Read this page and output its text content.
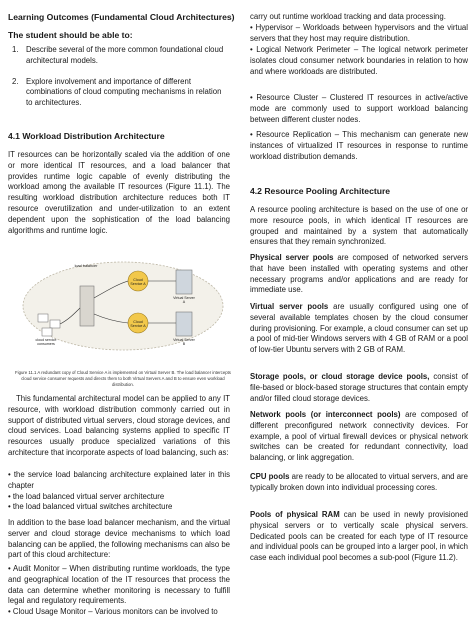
Learning Outcomes (Fundamental Cloud Architectures)

The student should be able to:

1. Describe several of the more common foundational cloud architectural models.
2. Explore involvement and importance of different combinations of cloud computing mechanisms in relation to architectures.

4.1 Workload Distribution Architecture

IT resources can be horizontally scaled via the addition of one or more identical IT resources, and a load balancer that provides runtime logic capable of evenly distributing the workload among the available IT resources (Figure 11.1). The resulting workload distribution architecture reduces both IT resource overutilization and under-utilization to an extent dependent upon the sophistication of the load balancing algorithms and runtime logic.

load balancer
Cloud Service A
Cloud Service A
Virtual Server A
Virtual Server B
cloud service consumers

Figure 11.1 A redundant copy of Cloud Service A is implemented on Virtual Server B. The load balancer intercepts cloud service consumer requests and directs them to both Virtual Servers A and B to ensure even workload distribution.

This fundamental architectural model can be applied to any IT resource, with workload distribution commonly carried out in support of distributed virtual servers, cloud storage devices, and cloud services. Load balancing systems applied to specific IT resources usually produce specialized variations of this architecture that incorporate aspects of load balancing, such as:

• the service load balancing architecture explained later in this chapter

• the load balanced virtual server architecture

• the load balanced virtual switches architecture

In addition to the base load balancer mechanism, and the virtual server and cloud storage device mechanisms to which load balancing can be applied, the following mechanisms can also be part of this cloud architecture:

• Audit Monitor – When distributing runtime workloads, the type and geographical location of the IT resources that process the data can determine whether monitoring is necessary to fulfill legal and regulatory requirements.

• Cloud Usage Monitor – Various monitors can be involved to

carry out runtime workload tracking and data processing.

• Hypervisor – Workloads between hypervisors and the virtual servers that they host may require distribution.

• Logical Network Perimeter – The logical network perimeter isolates cloud consumer network boundaries in relation to how and where workloads are distributed.

• Resource Cluster – Clustered IT resources in active/active mode are commonly used to support workload balancing between different cluster nodes.

• Resource Replication – This mechanism can generate new instances of virtualized IT resources in response to runtime workload distribution demands.

4.2 Resource Pooling Architecture

A resource pooling architecture is based on the use of one or more resource pools, in which identical IT resources are grouped and maintained by a system that automatically ensures that they remain synchronized.

Physical server pools are composed of networked servers that have been installed with operating systems and other necessary programs and/or applications and are ready for immediate use.

Virtual server pools are usually configured using one of several available templates chosen by the cloud consumer during provisioning. For example, a cloud consumer can set up a pool of mid-tier Windows servers with 4 GB of RAM or a pool of low-tier Ubuntu servers with 2 GB of RAM.

Storage pools, or cloud storage device pools, consist of file-based or block-based storage structures that contain empty and/or filled cloud storage devices.

Network pools (or interconnect pools) are composed of different preconfigured network connectivity devices. For example, a pool of virtual firewall devices or physical network switches can be created for redundant connectivity, load balancing, or link aggregation.

CPU pools are ready to be allocated to virtual servers, and are typically broken down into individual processing cores.

Pools of physical RAM can be used in newly provisioned physical servers or to vertically scale physical servers. Dedicated pools can be created for each type of IT resource and individual pools can be grouped into a larger pool, in which case each individual pool becomes a sub-pool (Figure 11.2).
